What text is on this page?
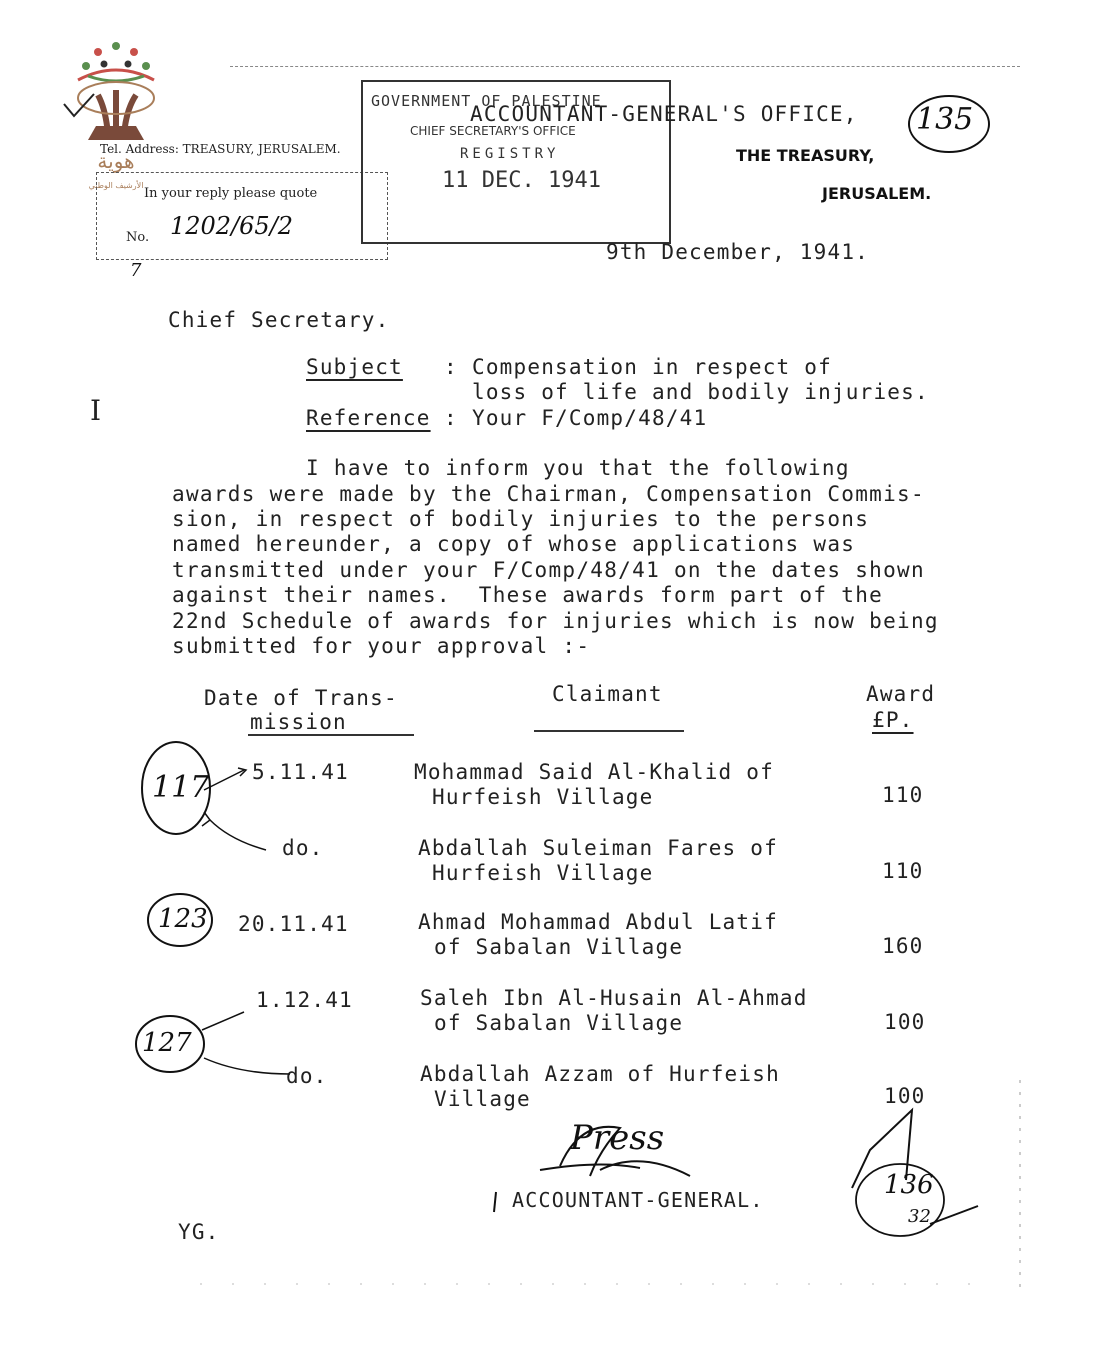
هوية
الأرشيف الوطني
Tel. Address: TREASURY, JERUSALEM.
In your reply please quote
No. 1202/65/2
7
GOVERNMENT OF PALESTINE
CHIEF SECRETARY'S OFFICE
REGISTRY
11 DEC. 1941
ACCOUNTANT-GENERAL'S OFFICE,
THE TREASURY,
JERUSALEM.
135
9th December, 1941.
Chief Secretary.
Subject : Compensation in respect of
loss of life and bodily injuries.
Reference : Your F/Comp/48/41
I
I have to inform you that the following
awards were made by the Chairman, Compensation Commis-
sion, in respect of bodily injuries to the persons
named hereunder, a copy of whose applications was
transmitted under your F/Comp/48/41 on the dates shown
against their names.  These awards form part of the
22nd Schedule of awards for injuries which is now being
submitted for your approval :-
Date of Trans-
mission
Claimant	Award
£P.
5.11.41	Mohammad Said Al-Khalid of
Hurfeish Village	110
do.	Abdallah Suleiman Fares of
Hurfeish Village	110
20.11.41	Ahmad Mohammad Abdul Latif
of Sabalan Village	160
1.12.41	Saleh Ibn Al-Husain Al-Ahmad
of Sabalan Village	100
do.	Abdallah Azzam of Hurfeish
Village	100
117
123
127
Press
ACCOUNTANT-GENERAL.	136
32
YG.
